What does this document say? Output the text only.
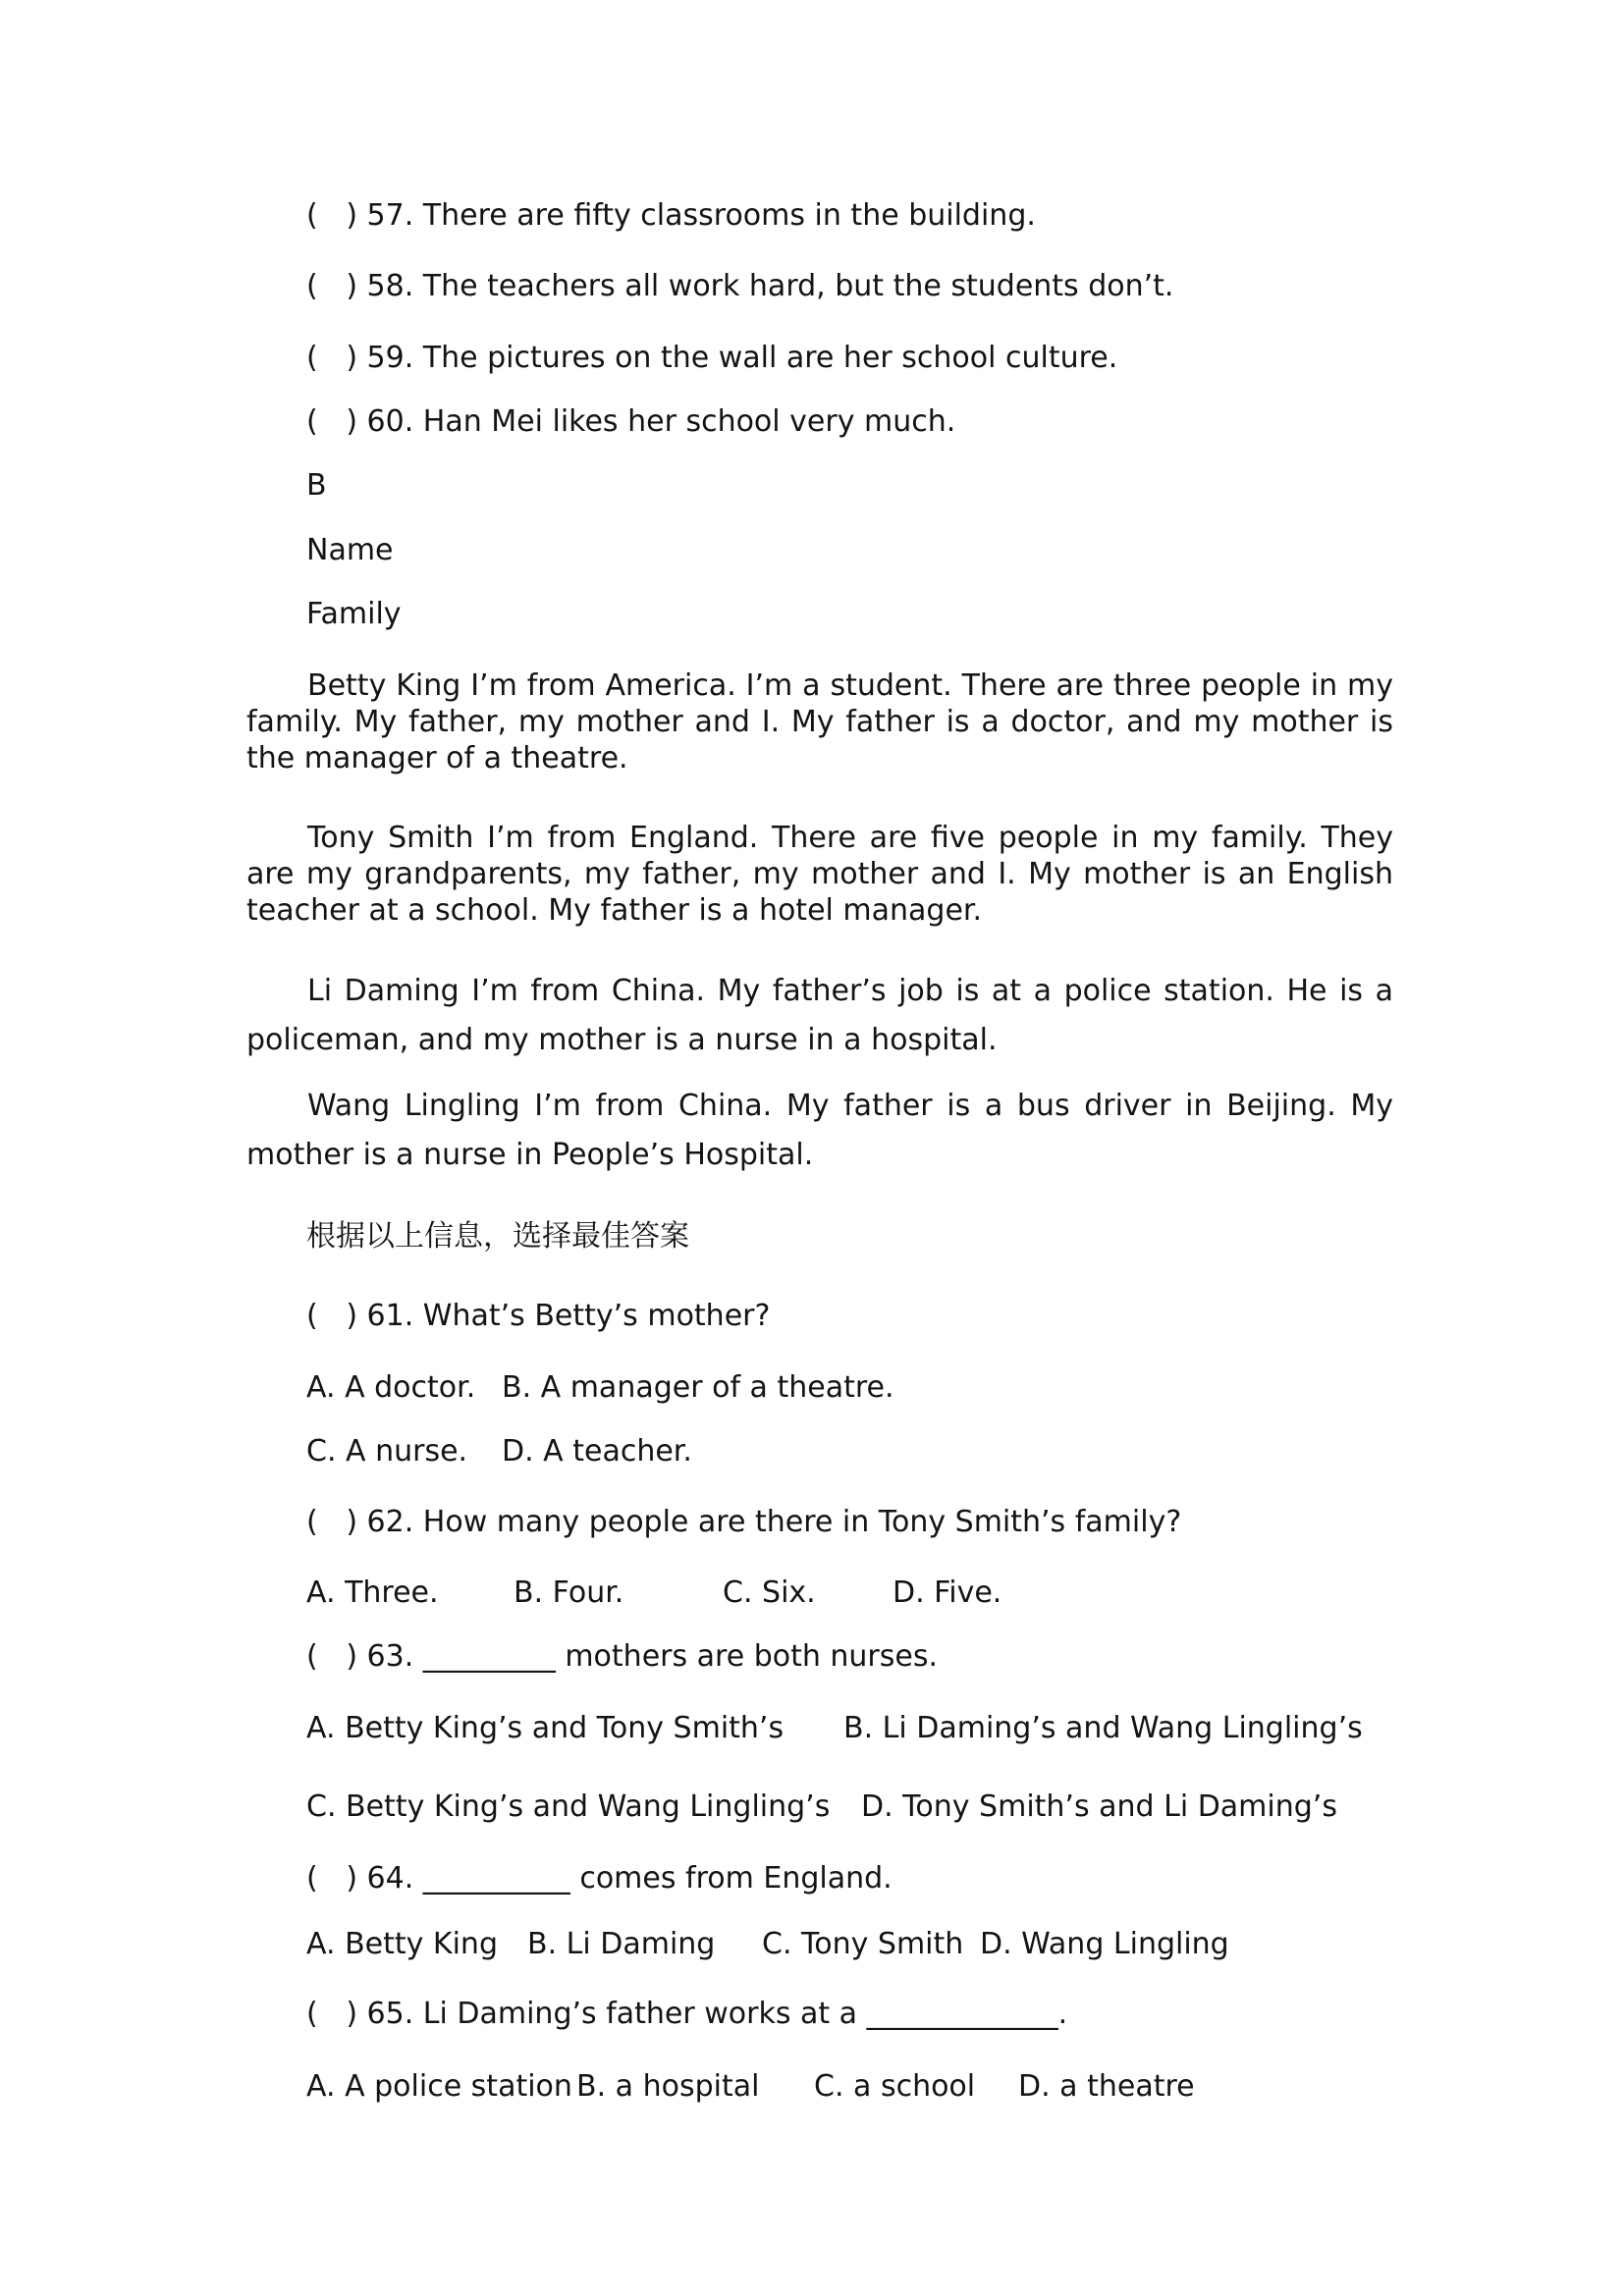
(   ) 57. There are fifty classrooms in the building.
(   ) 58. The teachers all work hard, but the students don’t.
(   ) 59. The pictures on the wall are her school culture.
(   ) 60. Han Mei likes her school very much.
B
Name
Family
Betty King I’m from America. I’m a student. There are three people in my family. My father, my mother and I. My father is a doctor, and my mother is the manager of a theatre.
Tony Smith I’m from England. There are five people in my family. They are my grandparents, my father, my mother and I. My mother is an English teacher at a school. My father is a hotel manager.
Li Daming I’m from China. My father’s job is at a police station. He is a policeman, and my mother is a nurse in a hospital.
Wang Lingling I’m from China. My father is a bus driver in Beijing. My mother is a nurse in People’s Hospital.
根据以上信息，选择最佳答案
(   ) 61. What’s Betty’s mother?

A. A doctor.

B. A manager of a theatre.

C. A nurse.

D. A teacher.

(   ) 62. How many people are there in Tony Smith’s family?

A. Three.

	B. Four.

	C. Six.

	D. Five.

(   ) 63. _________ mothers are both nurses.

A. Betty King’s and Tony Smith’s

B. Li Daming’s and Wang Lingling’s

C. Betty King’s and Wang Lingling’s

D. Tony Smith’s and Li Daming’s

(   ) 64. __________ comes from England.

A. Betty King

B. Li Daming

C. Tony Smith

D. Wang Lingling

(   ) 65. Li Daming’s father works at a _____________.

A. A police station

B. a hospital

C. a school

D. a theatre
